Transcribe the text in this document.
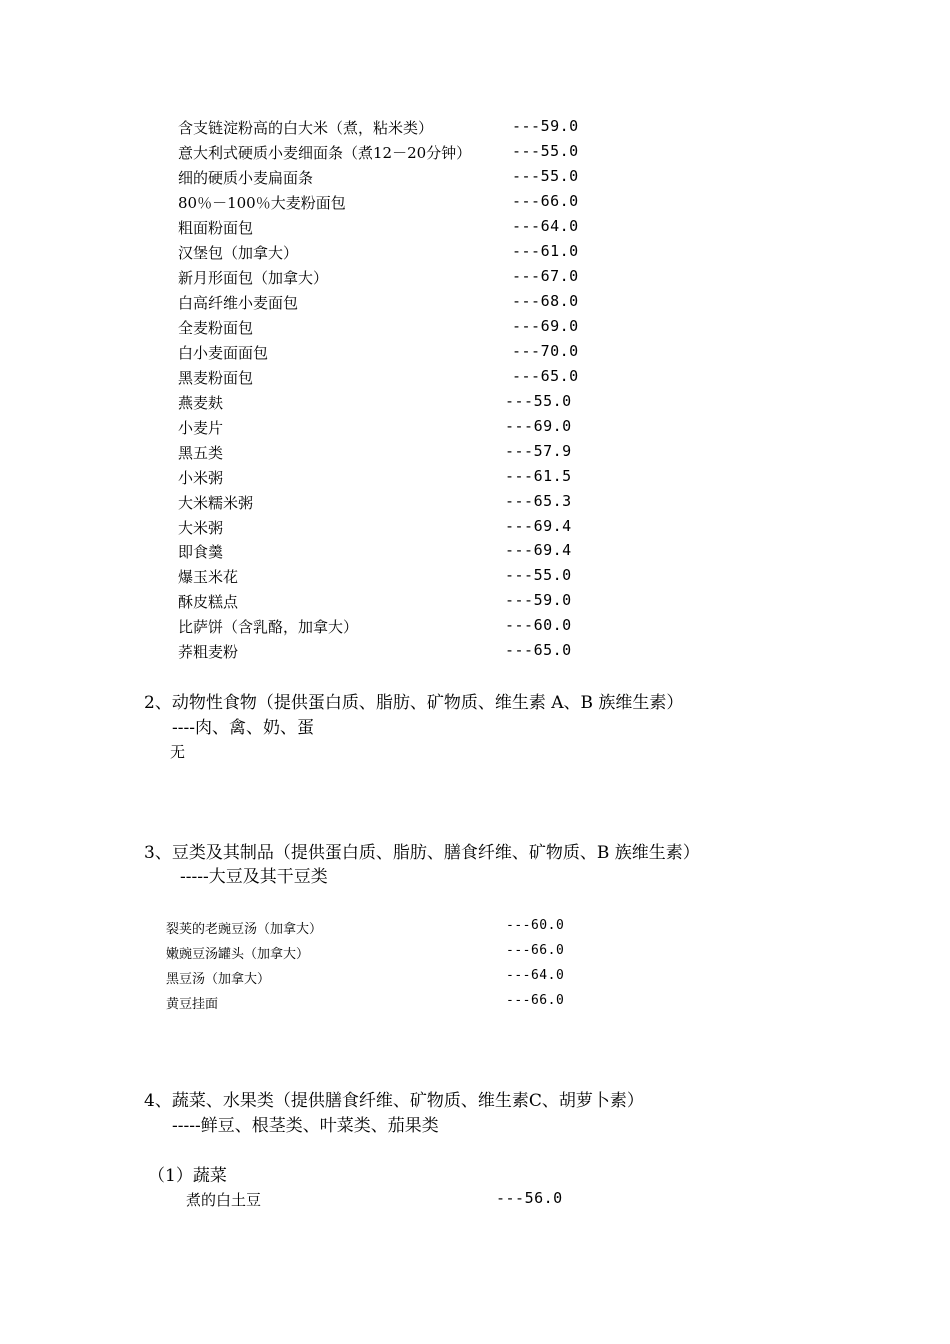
含支链淀粉高的白大米（煮，粘米类）	---59.0
意大利式硬质小麦细面条（煮12－20分钟）	---55.0
细的硬质小麦扁面条	---55.0
80％－100％大麦粉面包	---66.0
粗面粉面包	---64.0
汉堡包（加拿大）	---61.0
新月形面包（加拿大）	---67.0
白高纤维小麦面包	---68.0
全麦粉面包	---69.0
白小麦面面包	---70.0
黑麦粉面包	---65.0
燕麦麸	---55.0
小麦片	---69.0
黑五类	---57.9
小米粥	---61.5
大米糯米粥	---65.3
大米粥	---69.4
即食羹	---69.4
爆玉米花	---55.0
酥皮糕点	---59.0
比萨饼（含乳酪，加拿大）	---60.0
荞粗麦粉	---65.0
2、动物性食物（提供蛋白质、脂肪、矿物质、维生素 A、B 族维生素）
----肉、禽、奶、蛋
无
3、豆类及其制品（提供蛋白质、脂肪、膳食纤维、矿物质、B 族维生素）
-----大豆及其干豆类
裂荚的老豌豆汤（加拿大）	---60.0
嫩豌豆汤罐头（加拿大）	---66.0
黑豆汤（加拿大）	---64.0
黄豆挂面	---66.0
4、蔬菜、水果类（提供膳食纤维、矿物质、维生素C、胡萝卜素）
-----鲜豆、根茎类、叶菜类、茄果类
（1）蔬菜
煮的白土豆	---56.0
